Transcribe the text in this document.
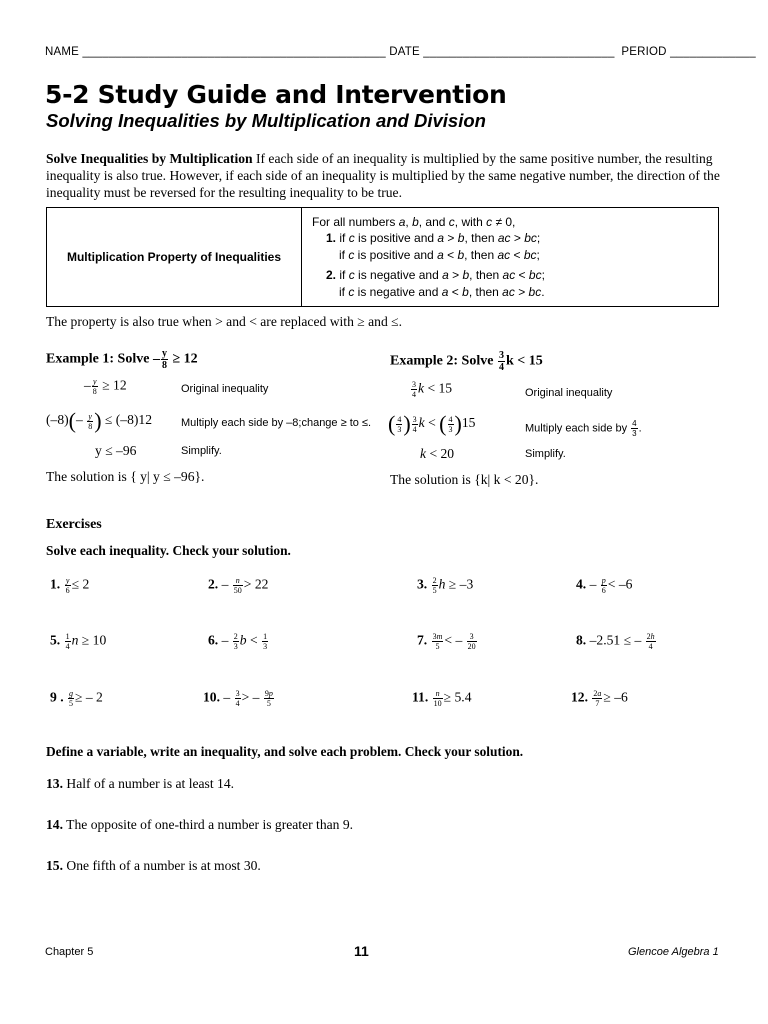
NAME ______________________________________________ DATE _____________________________ PERIOD _____________
5-2 Study Guide and Intervention
Solving Inequalities by Multiplication and Division
Solve Inequalities by Multiplication If each side of an inequality is multiplied by the same positive number, the resulting inequality is also true. However, if each side of an inequality is multiplied by the same negative number, the direction of the inequality must be reversed for the resulting inequality to be true.
Multiplication Property of Inequalities	
For all numbers a, b, and c, with c ≠ 0,
1. if c is positive and a > b, then ac > bc;
if c is positive and a < b, then ac < bc;
2. if c is negative and a > b, then ac < bc;
if c is negative and a < b, then ac > bc.
The property is also true when > and < are replaced with ≥ and ≤.
Example 1: Solve – $\frac{y}{8} \ge 12$
– $\frac{y}{8} \ge 12$	Original inequality
$(-8)(- \frac{y}{8}$ ) ≤ (–8)12	Multiply each side by –8;change ≥ to ≤.
y ≤ –96	Simplify.
The solution is { y| y ≤ –96}.
Example 2: Solve $\frac{3}{4}$ k < 15
$\frac{3}{4}$ k < 15	Original inequality
( $\frac{4}{3}$ ) $\frac{3}{4}$ k < ( $\frac{4}{3} )15$	Multiply each side by $\frac{4}{3}$ .
k < 20	Simplify.
The solution is {k| k < 20}.
Exercises
Solve each inequality. Check your solution.
1. $\frac{y}{6} \le 2$	2. – $\frac{n}{50} > 22$	3. $\frac{2}{5}$ h ≥ –3	4. – $\frac{p}{6} < -6$
5. $\frac{1}{4}$ n ≥ 10	6. – $\frac{2}{3}$ $b < \frac{1}{3}$	7. $\frac{3m}{5}$ < – $\frac{3}{20}$	8. –2.51 ≤ – $\frac{2h}{4}$
9 . $\frac{g}{5}$ ≥ – 2	10. – $\frac{3}{4}$ > – $\frac{9p}{5}$	11. $\frac{n}{10} \ge 5.4$	12. $\frac{2a}{7} \ge -6$
Define a variable, write an inequality, and solve each problem. Check your solution.
13. Half of a number is at least 14.
14. The opposite of one-third a number is greater than 9.
15. One fifth of a number is at most 30.
Chapter 5	11	Glencoe Algebra 1
